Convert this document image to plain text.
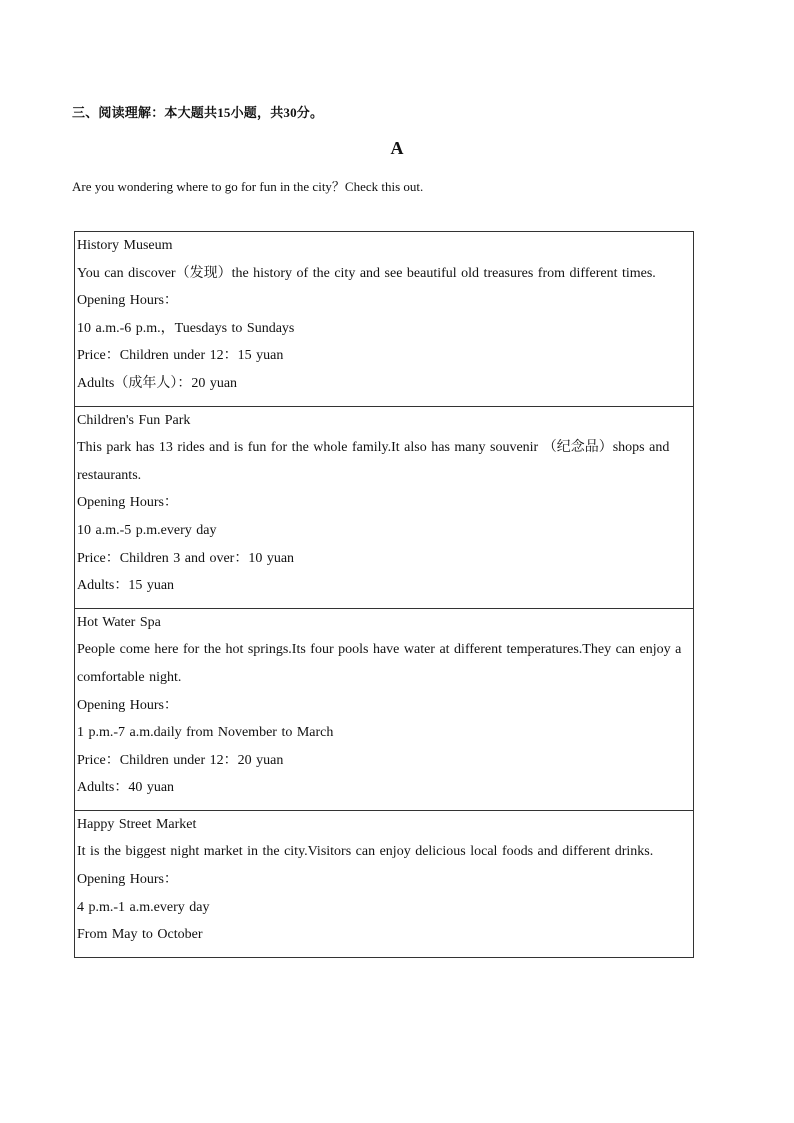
三、阅读理解：本大题共15小题，共30分。
A
Are you wondering where to go for fun in the city？Check this out.
History Museum
You can discover（发现）the history of the city and see beautiful old treasures from different times.
Opening Hours：
10 a.m.-6 p.m.，Tuesdays to Sundays
Price：Children under 12：15 yuan
Adults（成年人）：20 yuan

Children's Fun Park
This park has 13 rides and is fun for the whole family.It also has many souvenir （纪念品）shops and restaurants.
Opening Hours：
10 a.m.-5 p.m.every day
Price：Children 3 and over：10 yuan
Adults：15 yuan

Hot Water Spa
People come here for the hot springs.Its four pools have water at different temperatures.They can enjoy a comfortable night.
Opening Hours：
1 p.m.-7 a.m.daily from November to March
Price：Children under 12：20 yuan
Adults：40 yuan

Happy Street Market
It is the biggest night market in the city.Visitors can enjoy delicious local foods and different drinks.
Opening Hours：
4 p.m.-1 a.m.every day
From May to October
